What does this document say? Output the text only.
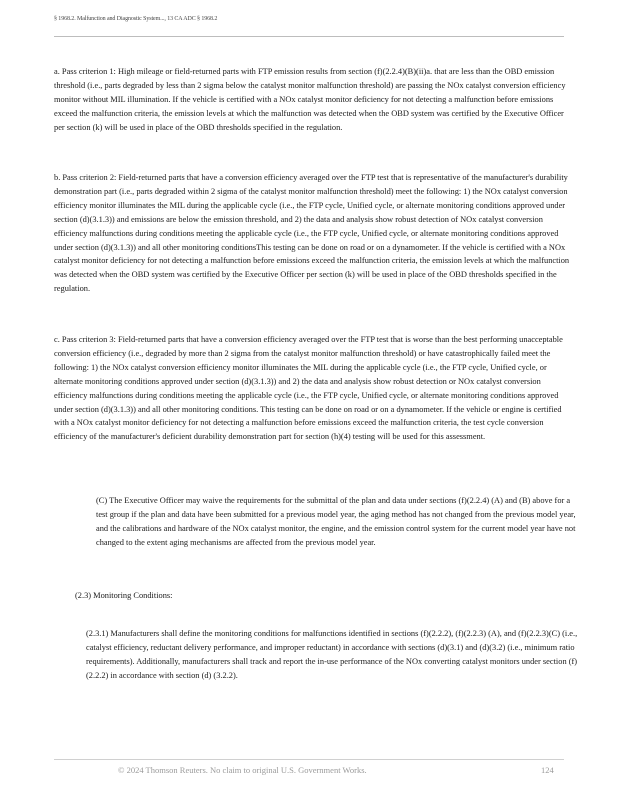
§ 1968.2. Malfunction and Diagnostic System..., 13 CA ADC § 1968.2

a. Pass criterion 1: High mileage or field-returned parts with FTP emission results from section (f)(2.2.4)(B)(ii)a. that are less than the OBD emission threshold (i.e., parts degraded by less than 2 sigma below the catalyst monitor malfunction threshold) are passing the NOx catalyst conversion efficiency monitor without MIL illumination. If the vehicle is certified with a NOx catalyst monitor deficiency for not detecting a malfunction before emissions exceed the malfunction criteria, the emission levels at which the malfunction was detected when the OBD system was certified by the Executive Officer per section (k) will be used in place of the OBD thresholds specified in the regulation.

b. Pass criterion 2: Field-returned parts that have a conversion efficiency averaged over the FTP test that is representative of the manufacturer's durability demonstration part (i.e., parts degraded within 2 sigma of the catalyst monitor malfunction threshold) meet the following: 1) the NOx catalyst conversion efficiency monitor illuminates the MIL during the applicable cycle (i.e., the FTP cycle, Unified cycle, or alternate monitoring conditions approved under section (d)(3.1.3)) and emissions are below the emission threshold, and 2) the data and analysis show robust detection of NOx catalyst conversion efficiency malfunctions during conditions meeting the applicable cycle (i.e., the FTP cycle, Unified cycle, or alternate monitoring conditions approved under section (d)(3.1.3)) and all other monitoring conditionsThis testing can be done on road or on a dynamometer. If the vehicle is certified with a NOx catalyst monitor deficiency for not detecting a malfunction before emissions exceed the malfunction criteria, the emission levels at which the malfunction was detected when the OBD system was certified by the Executive Officer per section (k) will be used in place of the OBD thresholds specified in the regulation.

c. Pass criterion 3: Field-returned parts that have a conversion efficiency averaged over the FTP test that is worse than the best performing unacceptable conversion efficiency (i.e., degraded by more than 2 sigma from the catalyst monitor malfunction threshold) or have catastrophically failed meet the following: 1) the NOx catalyst conversion efficiency monitor illuminates the MIL during the applicable cycle (i.e., the FTP cycle, Unified cycle, or alternate monitoring conditions approved under section (d)(3.1.3)) and 2) the data and analysis show robust detection or NOx catalyst conversion efficiency malfunctions during conditions meeting the applicable cycle (i.e., the FTP cycle, Unified cycle, or alternate monitoring conditions approved under section (d)(3.1.3)) and all other monitoring conditions. This testing can be done on road or on a dynamometer. If the vehicle or engine is certified with a NOx catalyst monitor deficiency for not detecting a malfunction before emissions exceed the malfunction criteria, the test cycle conversion efficiency of the manufacturer's deficient durability demonstration part for section (h)(4) testing will be used for this assessment.

(C) The Executive Officer may waive the requirements for the submittal of the plan and data under sections (f)(2.2.4) (A) and (B) above for a test group if the plan and data have been submitted for a previous model year, the aging method has not changed from the previous model year, and the calibrations and hardware of the NOx catalyst monitor, the engine, and the emission control system for the current model year have not changed to the extent aging mechanisms are affected from the previous model year.

(2.3) Monitoring Conditions:

(2.3.1) Manufacturers shall define the monitoring conditions for malfunctions identified in sections (f)(2.2.2), (f)(2.2.3) (A), and (f)(2.2.3)(C) (i.e., catalyst efficiency, reductant delivery performance, and improper reductant) in accordance with sections (d)(3.1) and (d)(3.2) (i.e., minimum ratio requirements). Additionally, manufacturers shall track and report the in-use performance of the NOx converting catalyst monitors under section (f)(2.2.2) in accordance with section (d) (3.2.2).

© 2024 Thomson Reuters. No claim to original U.S. Government Works.	124
